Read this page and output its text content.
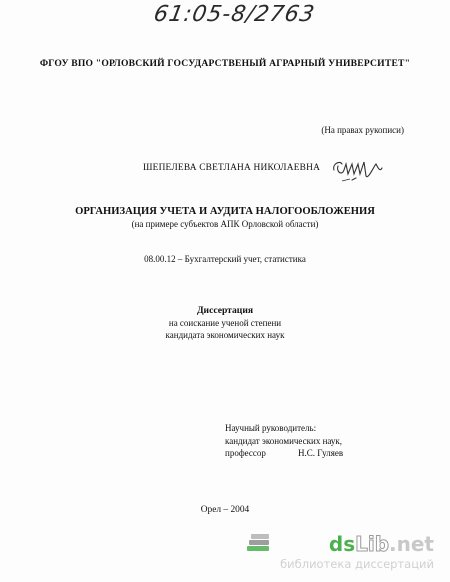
61:05-8/2763
ФГОУ ВПО "ОРЛОВСКИЙ ГОСУДАРСТВЕНЫЙ АГРАРНЫЙ УНИВЕРСИТЕТ"
(На правах рукописи)
ШЕПЕЛЕВА СВЕТЛАНА НИКОЛАЕВНА
ОРГАНИЗАЦИЯ УЧЕТА И АУДИТА НАЛОГООБЛОЖЕНИЯ
(на примере субъектов АПК Орловской области)
08.00.12 – Бухгалтерский учет, статистика
Диссертация
на соискание ученой степени
кандидата экономических наук
Научный руководитель:
кандидат экономических наук,
профессор	Н.С. Гуляев
Орел – 2004
dsLib.net
библиотека диссертаций
